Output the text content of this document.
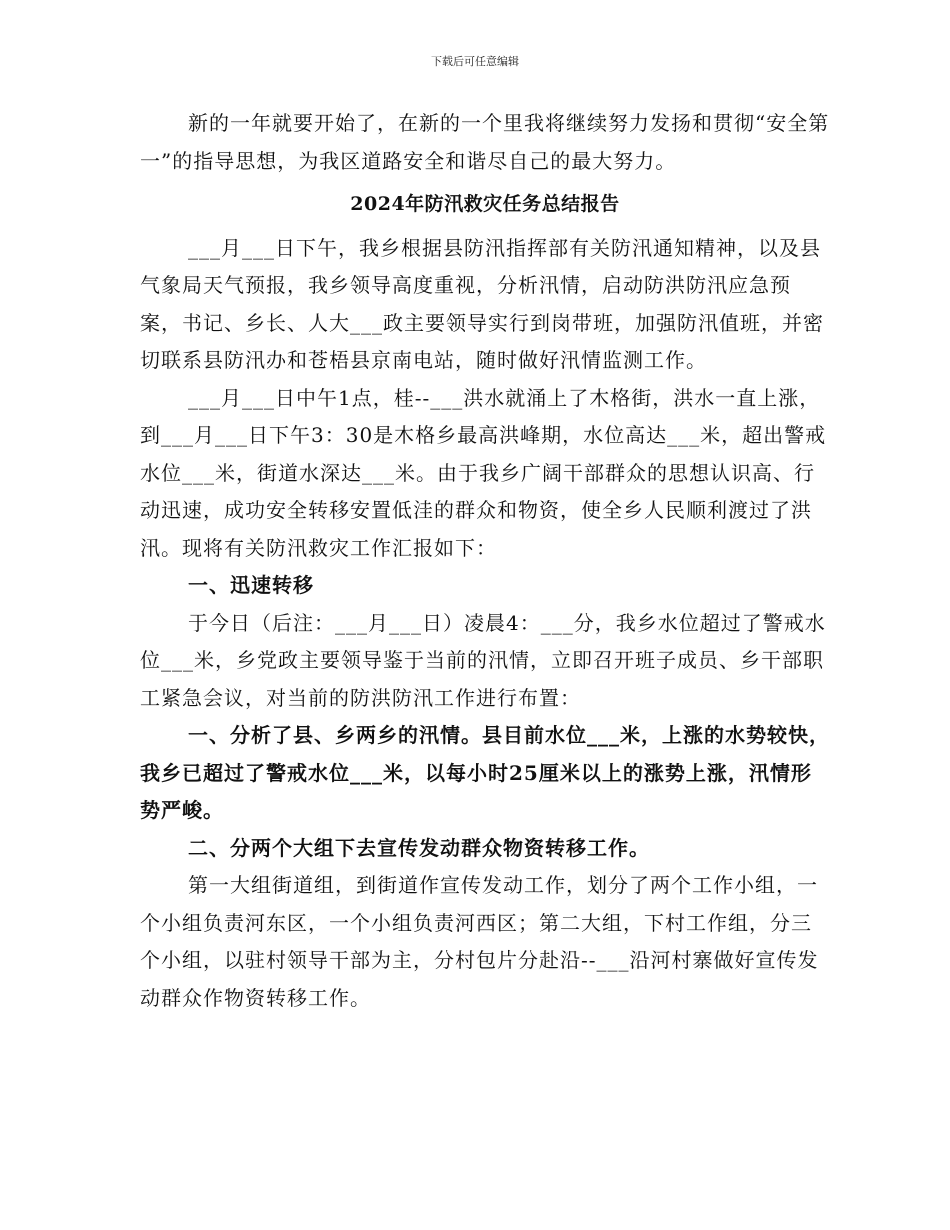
下载后可任意编辑

新的一年就要开始了，在新的一个里我将继续努力发扬和贯彻“安全第一”的指导思想，为我区道路安全和谐尽自己的最大努力。

2024年防汛救灾任务总结报告

___月___日下午，我乡根据县防汛指挥部有关防汛通知精神，以及县气象局天气预报，我乡领导高度重视，分析汛情，启动防洪防汛应急预案，书记、乡长、人大___政主要领导实行到岗带班，加强防汛值班，并密切联系县防汛办和苍梧县京南电站，随时做好汛情监测工作。

___月___日中午1点，桂--___洪水就涌上了木格街，洪水一直上涨，到___月___日下午3：30是木格乡最高洪峰期，水位高达___米，超出警戒水位___米，街道水深达___米。由于我乡广阔干部群众的思想认识高、行动迅速，成功安全转移安置低洼的群众和物资，使全乡人民顺利渡过了洪汛。现将有关防汛救灾工作汇报如下：

一、迅速转移

于今日（后注：___月___日）凌晨4：___分，我乡水位超过了警戒水位___米，乡党政主要领导鉴于当前的汛情，立即召开班子成员、乡干部职工紧急会议，对当前的防洪防汛工作进行布置：

一、分析了县、乡两乡的汛情。县目前水位___米，上涨的水势较快，我乡已超过了警戒水位___米，以每小时25厘米以上的涨势上涨，汛情形势严峻。

二、分两个大组下去宣传发动群众物资转移工作。

第一大组街道组，到街道作宣传发动工作，划分了两个工作小组，一个小组负责河东区，一个小组负责河西区；第二大组，下村工作组，分三个小组，以驻村领导干部为主，分村包片分赴沿--___沿河村寨做好宣传发动群众作物资转移工作。
